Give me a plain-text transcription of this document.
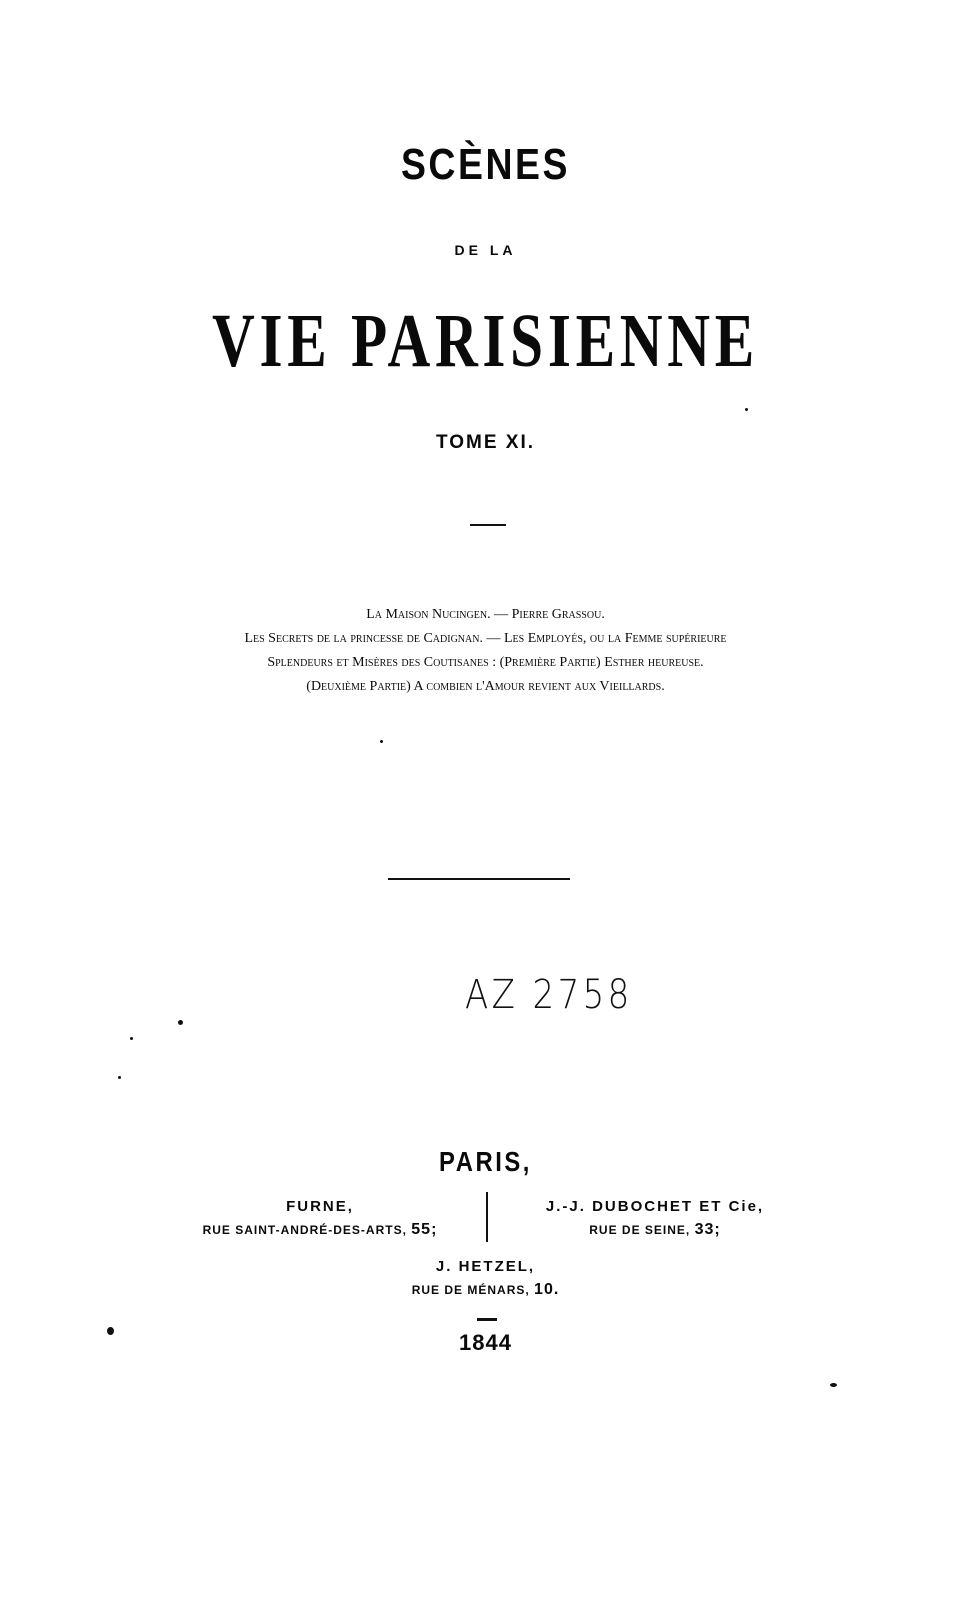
SCÈNES
DE LA
VIE PARISIENNE
TOME XI.
La Maison Nucingen. — Pierre Grassou.
Les Secrets de la princesse de Cadignan. — Les Employés, ou la Femme supérieure
Splendeurs et Misères des Coutisanes : (Première Partie) Esther heureuse.
(Deuxième Partie) A combien l'Amour revient aux Vieillards.
AZ 2758
PARIS,
FURNE,
RUE SAINT-ANDRÉ-DES-ARTS, 55;
J.-J. DUBOCHET ET Cie,
RUE DE SEINE, 33;
J. HETZEL,
RUE DE MÉNARS, 10.
1844
